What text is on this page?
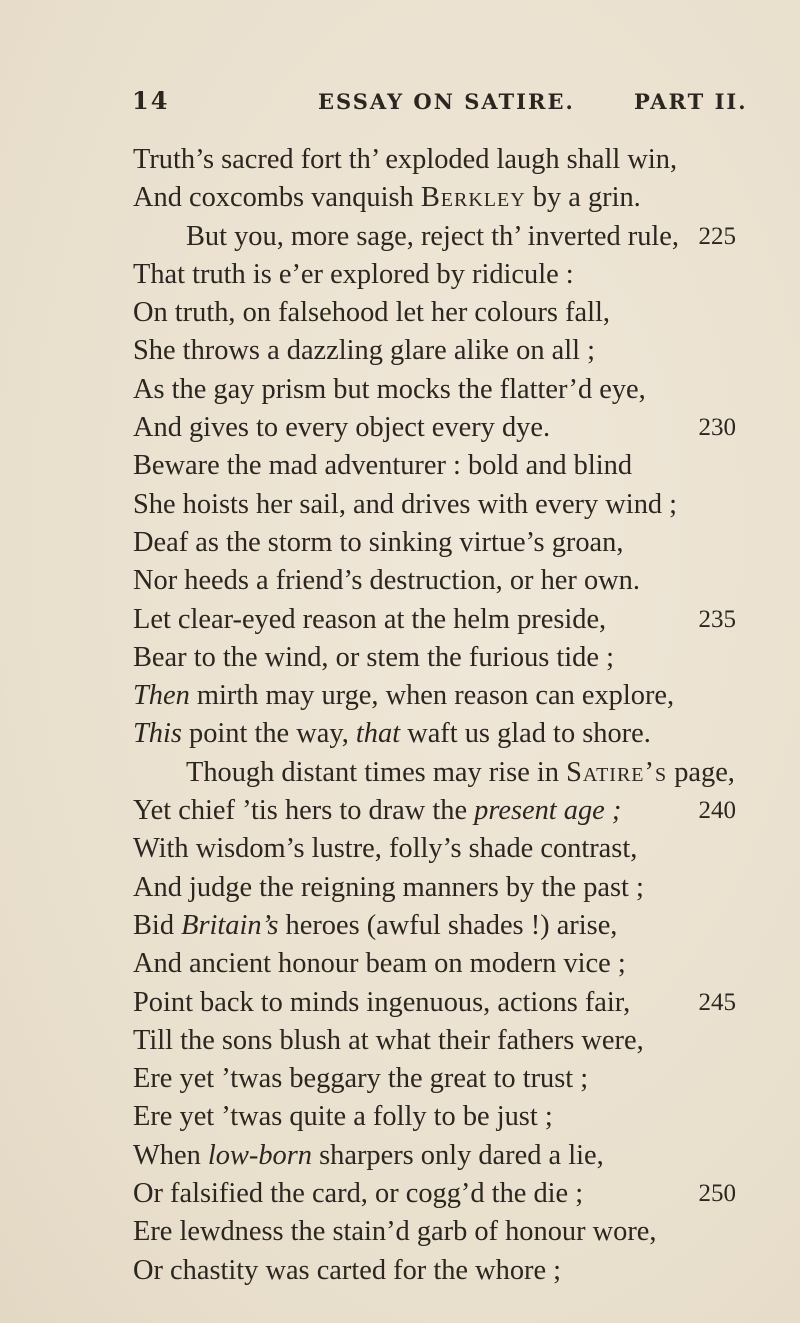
14	ESSAY ON SATIRE.	PART II.
Truth’s sacred fort th’ exploded laugh shall win,
And coxcombs vanquish Berkley by a grin.
But you, more sage, reject th’ inverted rule, 225
That truth is e’er explored by ridicule :
On truth, on falsehood let her colours fall,
She throws a dazzling glare alike on all ;
As the gay prism but mocks the flatter’d eye,
And gives to every object every dye.	230
Beware the mad adventurer : bold and blind
She hoists her sail, and drives with every wind ;
Deaf as the storm to sinking virtue’s groan,
Nor heeds a friend’s destruction, or her own.
Let clear-eyed reason at the helm preside,	235
Bear to the wind, or stem the furious tide ;
Then mirth may urge, when reason can explore,
This point the way, that waft us glad to shore.
Though distant times may rise in Satire’s page,
Yet chief ’tis hers to draw the present age ;	240
With wisdom’s lustre, folly’s shade contrast,
And judge the reigning manners by the past ;
Bid Britain’s heroes (awful shades !) arise,
And ancient honour beam on modern vice ;
Point back to minds ingenuous, actions fair,	245
Till the sons blush at what their fathers were,
Ere yet ’twas beggary the great to trust ;
Ere yet ’twas quite a folly to be just ;
When low-born sharpers only dared a lie,
Or falsified the card, or cogg’d the die ;	250
Ere lewdness the stain’d garb of honour wore,
Or chastity was carted for the whore ;
